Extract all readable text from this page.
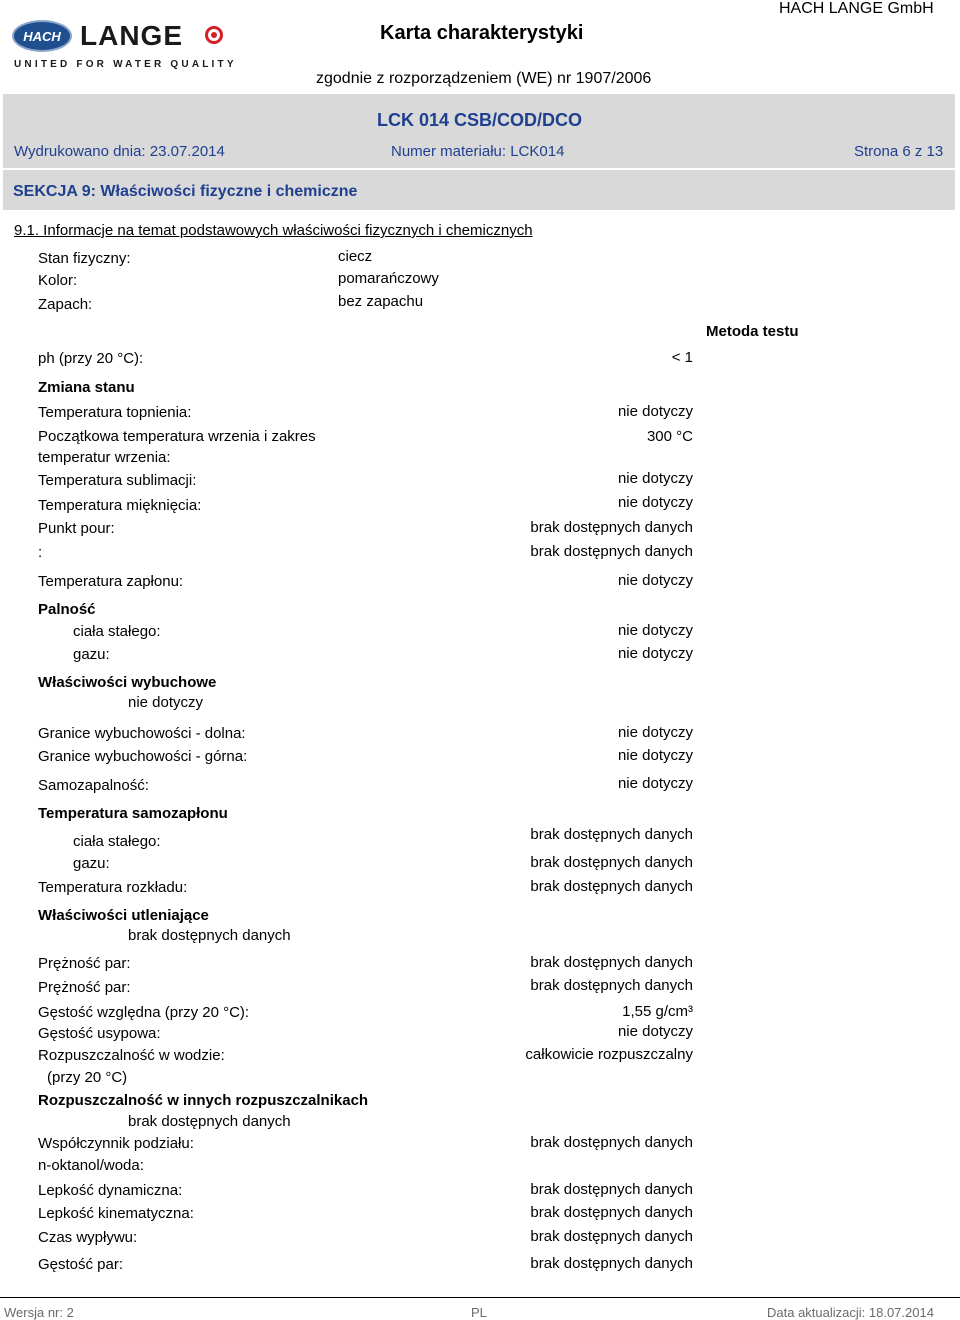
HACH LANGE
UNITED FOR WATER QUALITY
Karta charakterystyki
HACH LANGE GmbH
zgodnie z rozporządzeniem (WE) nr 1907/2006
LCK 014 CSB/COD/DCO
Wydrukowano dnia: 23.07.2014	Numer materiału: LCK014	Strona 6 z 13
SEKCJA 9: Właściwości fizyczne i chemiczne
9.1. Informacje na temat podstawowych właściwości fizycznych i chemicznych
Stan fizyczny:	ciecz
Kolor:	pomarańczowy
Zapach:	bez zapachu
Metoda testu
ph (przy 20 °C):	< 1
Zmiana stanu
Temperatura topnienia:	nie dotyczy
Początkowa temperatura wrzenia i zakres	300 °C
temperatur wrzenia:
Temperatura sublimacji:	nie dotyczy
Temperatura mięknięcia:	nie dotyczy
Punkt pour:	brak dostępnych danych
:	brak dostępnych danych
Temperatura zapłonu:	nie dotyczy
Palność
ciała stałego:	nie dotyczy
gazu:	nie dotyczy
Właściwości wybuchowe
nie dotyczy
Granice wybuchowości - dolna:	nie dotyczy
Granice wybuchowości - górna:	nie dotyczy
Samozapalność:	nie dotyczy
Temperatura samozapłonu
ciała stałego:	brak dostępnych danych
gazu:	brak dostępnych danych
Temperatura rozkładu:	brak dostępnych danych
Właściwości utleniające
brak dostępnych danych
Prężność par:	brak dostępnych danych
Prężność par:	brak dostępnych danych
Gęstość względna (przy 20 °C):	1,55 g/cm³
Gęstość usypowa:	nie dotyczy
Rozpuszczalność w wodzie:	całkowicie rozpuszczalny
(przy 20 °C)
Rozpuszczalność w innych rozpuszczalnikach
brak dostępnych danych
Współczynnik podziału:	brak dostępnych danych
n-oktanol/woda:
Lepkość dynamiczna:	brak dostępnych danych
Lepkość kinematyczna:	brak dostępnych danych
Czas wypływu:	brak dostępnych danych
Gęstość par:	brak dostępnych danych
Wersja nr: 2	PL	Data aktualizacji: 18.07.2014
